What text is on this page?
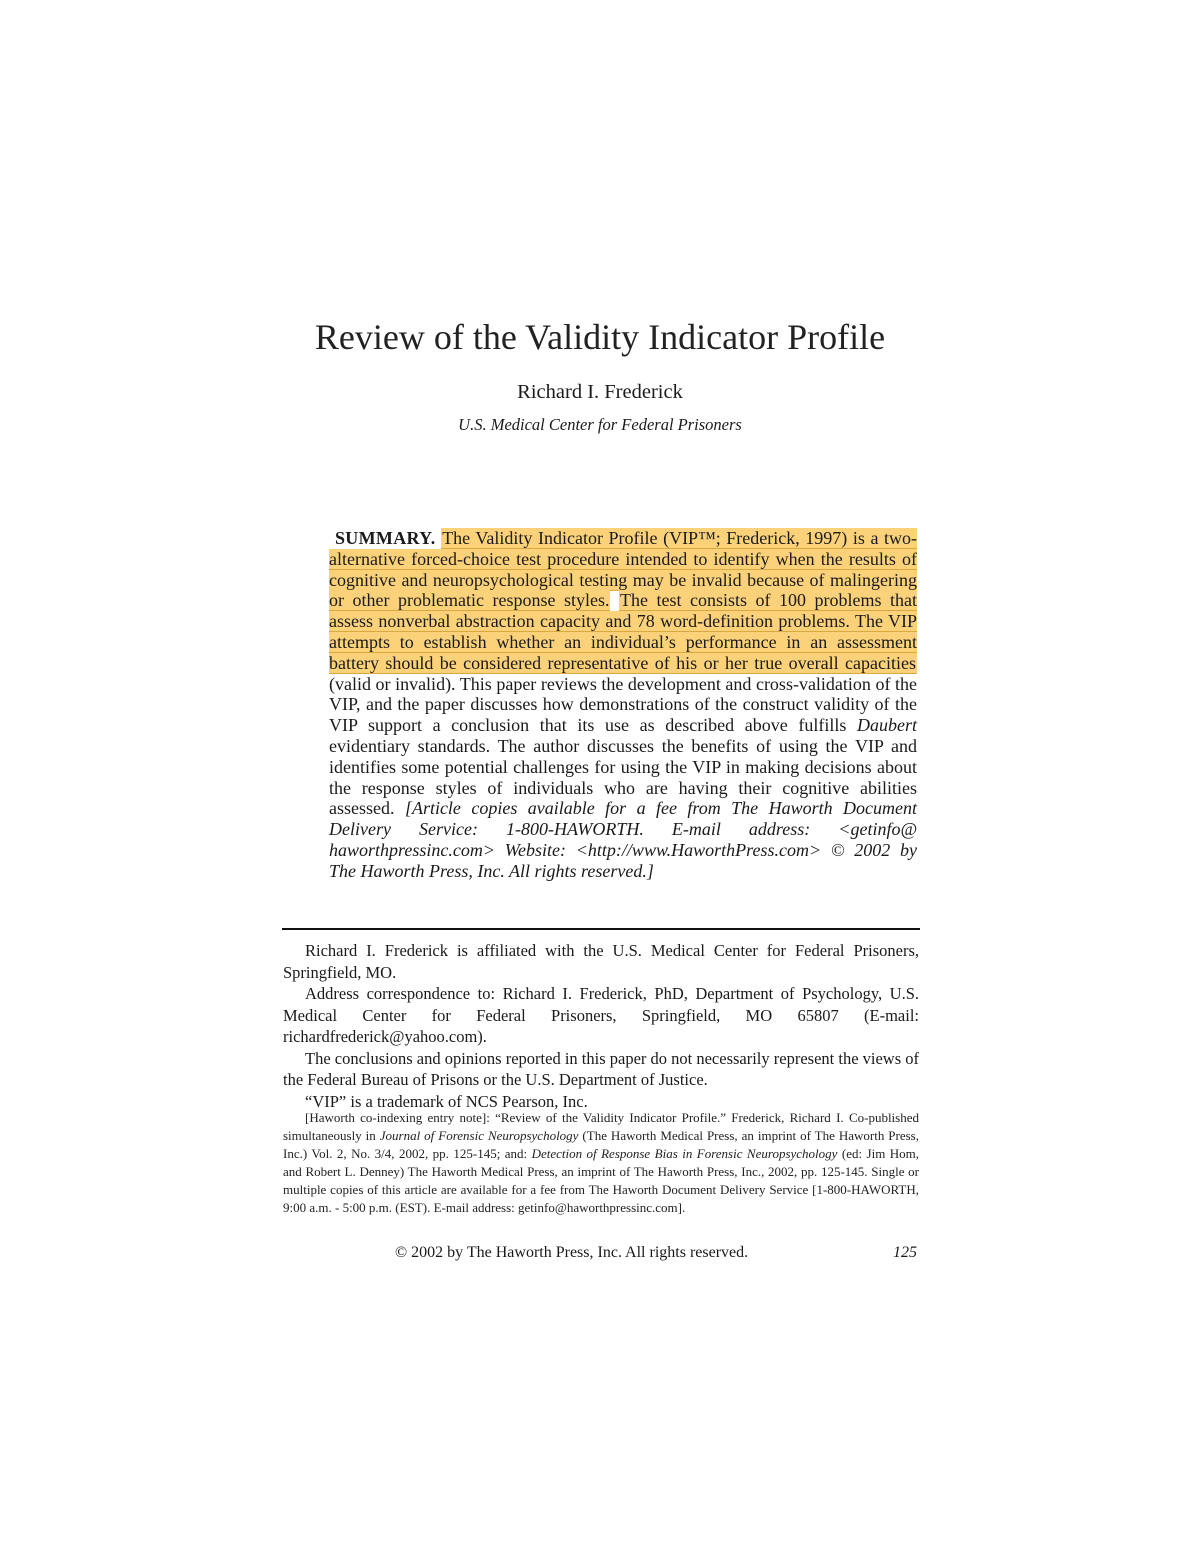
Review of the Validity Indicator Profile
Richard I. Frederick
U.S. Medical Center for Federal Prisoners

SUMMARY. The Validity Indicator Profile (VIP™; Frederick, 1997) is a two-alternative forced-choice test procedure intended to identify when the results of cognitive and neuropsychological testing may be invalid because of malingering or other problematic response styles. The test consists of 100 problems that assess nonverbal abstraction capacity and 78 word-definition problems. The VIP attempts to establish whether an individual’s performance in an assessment battery should be considered representative of his or her true overall capacities (valid or invalid). This paper reviews the development and cross-validation of the VIP, and the paper discusses how demonstrations of the construct validity of the VIP support a conclusion that its use as described above fulfills Daubert evidentiary standards. The author discusses the benefits of using the VIP and identifies some potential challenges for using the VIP in making decisions about the response styles of individuals who are having their cognitive abilities assessed. [Article copies available for a fee from The Haworth Document Delivery Service: 1-800-HAWORTH. E-mail address: <getinfo@ haworthpressinc.com> Website: <http://www.HaworthPress.com> © 2002 by The Haworth Press, Inc. All rights reserved.]

Richard I. Frederick is affiliated with the U.S. Medical Center for Federal Prisoners, Springfield, MO.

Address correspondence to: Richard I. Frederick, PhD, Department of Psychology, U.S. Medical Center for Federal Prisoners, Springfield, MO 65807 (E-mail: richardfrederick@yahoo.com).

The conclusions and opinions reported in this paper do not necessarily represent the views of the Federal Bureau of Prisons or the U.S. Department of Justice.

“VIP” is a trademark of NCS Pearson, Inc.

[Haworth co-indexing entry note]: “Review of the Validity Indicator Profile.” Frederick, Richard I. Co-published simultaneously in Journal of Forensic Neuropsychology (The Haworth Medical Press, an imprint of The Haworth Press, Inc.) Vol. 2, No. 3/4, 2002, pp. 125-145; and: Detection of Response Bias in Forensic Neuropsychology (ed: Jim Hom, and Robert L. Denney) The Haworth Medical Press, an imprint of The Haworth Press, Inc., 2002, pp. 125-145. Single or multiple copies of this article are available for a fee from The Haworth Document Delivery Service [1-800-HAWORTH, 9:00 a.m. - 5:00 p.m. (EST). E-mail address: getinfo@haworthpressinc.com].

© 2002 by The Haworth Press, Inc. All rights reserved.	125
